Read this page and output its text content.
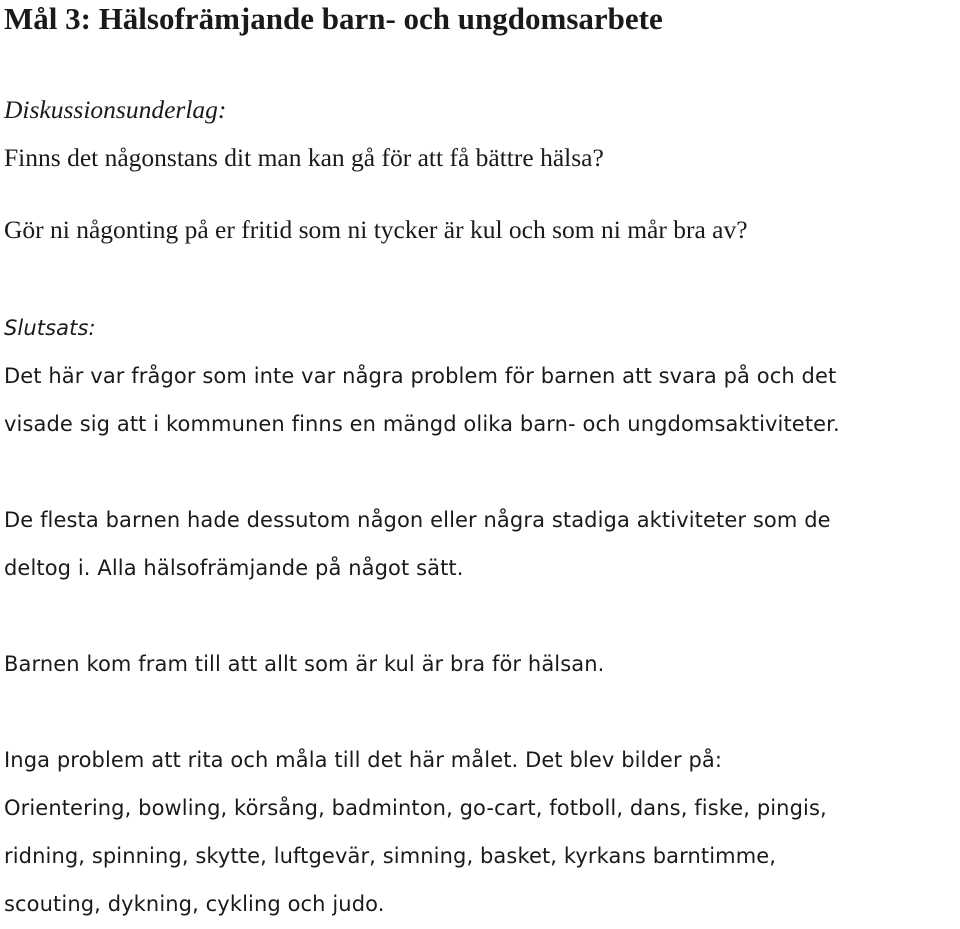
Mål 3: Hälsofrämjande barn- och ungdomsarbete
Diskussionsunderlag:
Finns det någonstans dit man kan gå för att få bättre hälsa?
Gör ni någonting på er fritid som ni tycker är kul och som ni mår bra av?
Slutsats:
Det här var frågor som inte var några problem för barnen att svara på och det
visade sig att i kommunen finns en mängd olika barn- och ungdomsaktiviteter.
De flesta barnen hade dessutom någon eller några stadiga aktiviteter som de
deltog i. Alla hälsofrämjande på något sätt.
Barnen kom fram till att allt som är kul är bra för hälsan.
Inga problem att rita och måla till det här målet. Det blev bilder på:
Orientering, bowling, körsång, badminton, go-cart, fotboll, dans, fiske, pingis,
ridning, spinning, skytte, luftgevär, simning, basket, kyrkans barntimme,
scouting, dykning, cykling och judo.
